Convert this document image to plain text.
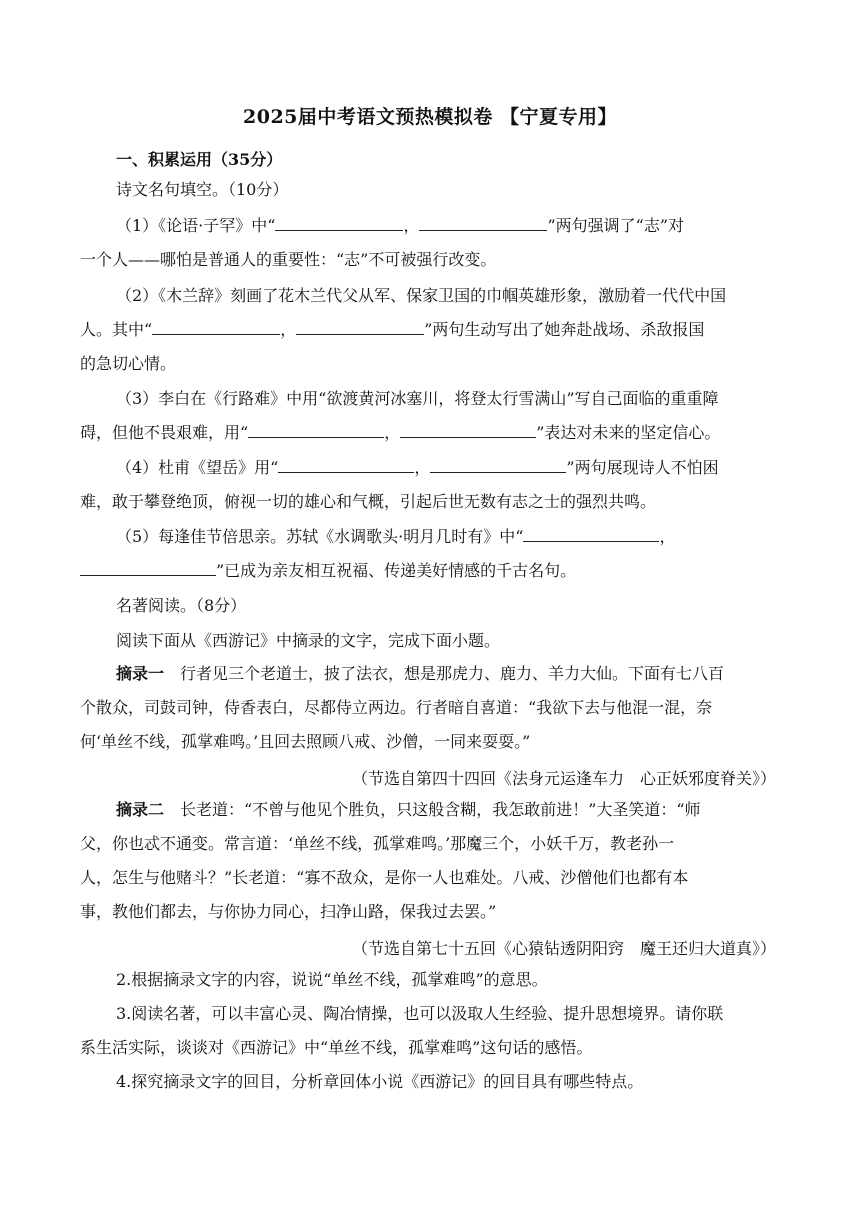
2025届中考语文预热模拟卷 【宁夏专用】
一、积累运用（35分）
诗文名句填空。（10分）
（1）《论语·子罕》中“	，	”两句强调了“志”对
一个人——哪怕是普通人的重要性：“志”不可被强行改变。
（2）《木兰辞》刻画了花木兰代父从军、保家卫国的巾帼英雄形象，激励着一代代中国
人。其中“	，	”两句生动写出了她奔赴战场、杀敌报国
的急切心情。
（3）李白在《行路难》中用“欲渡黄河冰塞川，将登太行雪满山”写自己面临的重重障
碍，但他不畏艰难，用“	，	”表达对未来的坚定信心。
（4）杜甫《望岳》用“	，	”两句展现诗人不怕困
难，敢于攀登绝顶，俯视一切的雄心和气概，引起后世无数有志之士的强烈共鸣。
（5）每逢佳节倍思亲。苏轼《水调歌头·明月几时有》中“	，
”已成为亲友相互祝福、传递美好情感的千古名句。
名著阅读。（8分）
阅读下面从《西游记》中摘录的文字，完成下面小题。
摘录一 行者见三个老道士，披了法衣，想是那虎力、鹿力、羊力大仙。下面有七八百
个散众，司鼓司钟，侍香表白，尽都侍立两边。行者暗自喜道：“我欲下去与他混一混，奈
何‘单丝不线，孤掌难鸣。’且回去照顾八戒、沙僧，一同来耍耍。”
（节选自第四十四回《法身元运逢车力　心正妖邪度脊关》）
摘录二 长老道：“不曾与他见个胜负，只这般含糊，我怎敢前进！”大圣笑道：“师
父，你也忒不通变。常言道：‘单丝不线，孤掌难鸣。’那魔三个，小妖千万，教老孙一
人，怎生与他赌斗？”长老道：“寡不敌众，是你一人也难处。八戒、沙僧他们也都有本
事，教他们都去，与你协力同心，扫净山路，保我过去罢。”
（节选自第七十五回《心猿钻透阴阳窍　魔王还归大道真》）
2.根据摘录文字的内容，说说“单丝不线，孤掌难鸣”的意思。
3.阅读名著，可以丰富心灵、陶冶情操，也可以汲取人生经验、提升思想境界。请你联
系生活实际，谈谈对《西游记》中“单丝不线，孤掌难鸣”这句话的感悟。
4.探究摘录文字的回目，分析章回体小说《西游记》的回目具有哪些特点。
